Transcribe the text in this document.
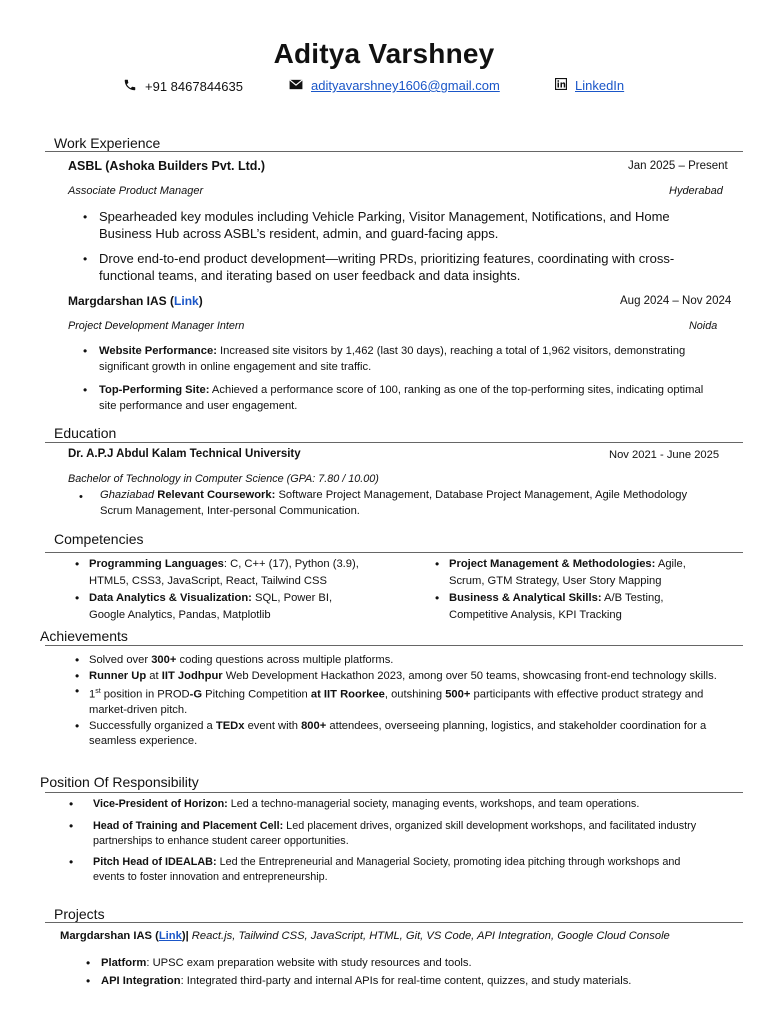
Aditya Varshney
+91 8467844635	adityavarshney1606@gmail.com	LinkedIn
Work Experience
ASBL (Ashoka Builders Pvt. Ltd.)	Jan 2025 – Present
Associate Product Manager	Hyderabad
• Spearheaded key modules including Vehicle Parking, Visitor Management, Notifications, and Home Business Hub across ASBL’s resident, admin, and guard-facing apps.
• Drove end-to-end product development—writing PRDs, prioritizing features, coordinating with cross-functional teams, and iterating based on user feedback and data insights.
Margdarshan IAS (Link)	Aug 2024 – Nov 2024
Project Development Manager Intern	Noida
• Website Performance: Increased site visitors by 1,462 (last 30 days), reaching a total of 1,962 visitors, demonstrating significant growth in online engagement and site traffic.
• Top-Performing Site: Achieved a performance score of 100, ranking as one of the top-performing sites, indicating optimal site performance and user engagement.
Education
Dr. A.P.J Abdul Kalam Technical University	Nov 2021 - June 2025
Bachelor of Technology in Computer Science (GPA: 7.80 / 10.00)
• Ghaziabad Relevant Coursework: Software Project Management, Database Project Management, Agile Methodology
Scrum Management, Inter-personal Communication.
Competencies
• Programming Languages: C, C++ (17), Python (3.9), HTML5, CSS3, JavaScript, React, Tailwind CSS
• Data Analytics & Visualization: SQL, Power BI, Google Analytics, Pandas, Matplotlib
• Project Management & Methodologies: Agile, Scrum, GTM Strategy, User Story Mapping
• Business & Analytical Skills: A/B Testing, Competitive Analysis, KPI Tracking
Achievements
• Solved over 300+ coding questions across multiple platforms.
• Runner Up at IIT Jodhpur Web Development Hackathon 2023, among over 50 teams, showcasing front-end technology skills.
• 1st position in PROD-G Pitching Competition at IIT Roorkee, outshining 500+ participants with effective product strategy and market-driven pitch.
• Successfully organized a TEDx event with 800+ attendees, overseeing planning, logistics, and stakeholder coordination for a seamless experience.
Position Of Responsibility
• Vice-President of Horizon: Led a techno-managerial society, managing events, workshops, and team operations.
• Head of Training and Placement Cell: Led placement drives, organized skill development workshops, and facilitated industry partnerships to enhance student career opportunities.
• Pitch Head of IDEALAB: Led the Entrepreneurial and Managerial Society, promoting idea pitching through workshops and events to foster innovation and entrepreneurship.
Projects
Margdarshan IAS (Link)| React.js, Tailwind CSS, JavaScript, HTML, Git, VS Code, API Integration, Google Cloud Console
• Platform: UPSC exam preparation website with study resources and tools.
• API Integration: Integrated third-party and internal APIs for real-time content, quizzes, and study materials.
